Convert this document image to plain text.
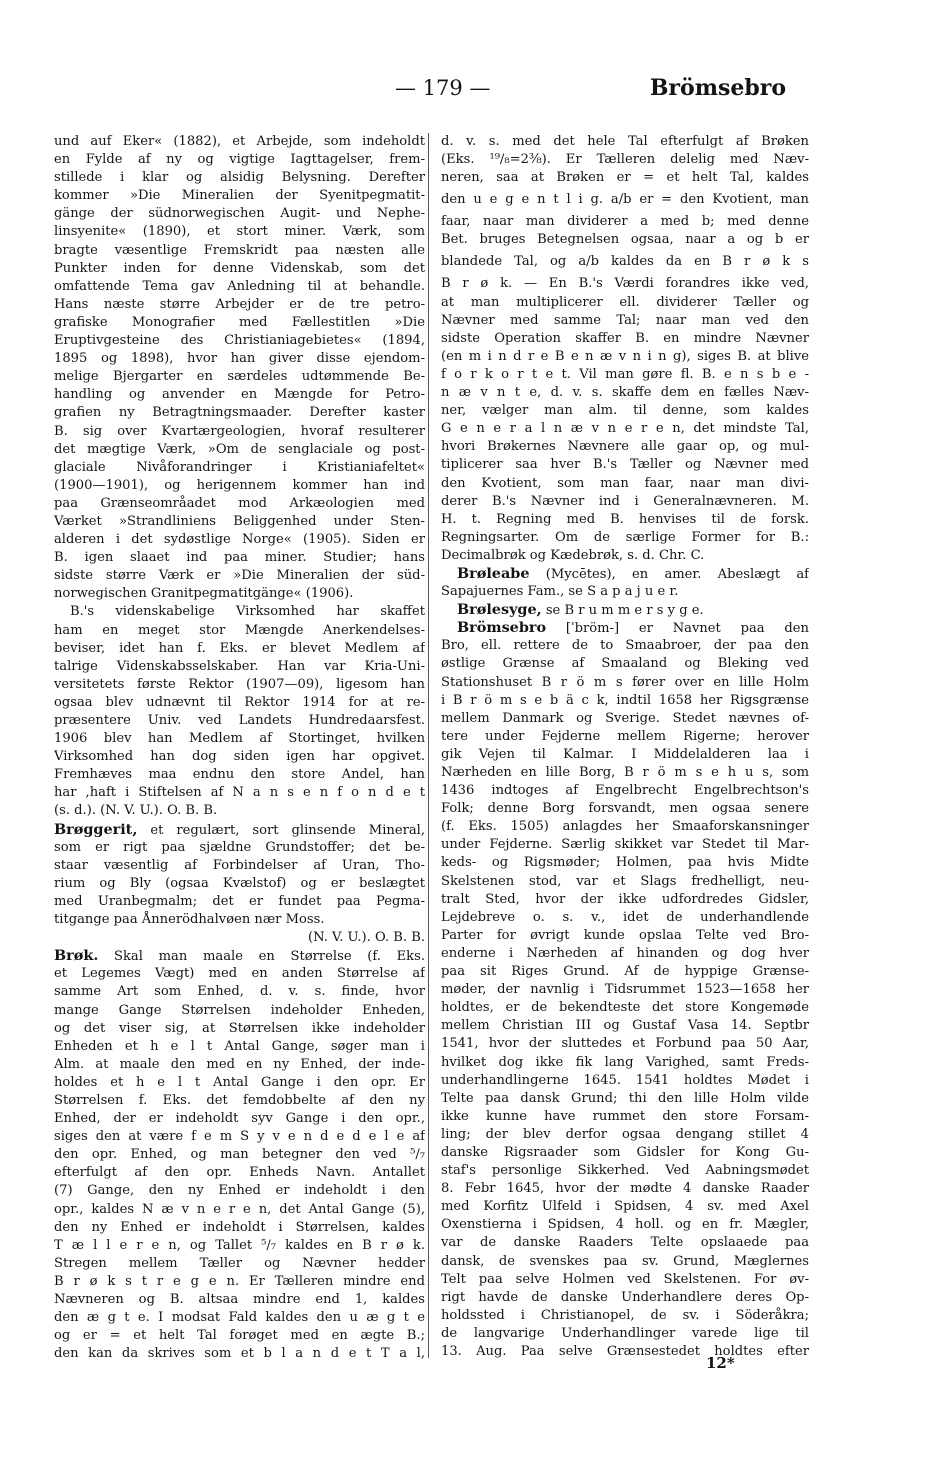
— 179 —	Brömsebro
und auf Eker« (1882), et Arbejde, som indeholdt
en Fylde af ny og vigtige Iagttagelser, frem-
stillede i klar og alsidig Belysning. Derefter
kommer »Die Mineralien der Syenitpegmatit-
gänge der südnorwegischen Augit- und Nephe-
linsyenite« (1890), et stort miner. Værk, som
bragte væsentlige Fremskridt paa næsten alle
Punkter inden for denne Videnskab, som det
omfattende Tema gav Anledning til at behandle.
Hans næste større Arbejder er de tre petro-
grafiske Monografier med Fællestitlen »Die
Eruptivgesteine des Christianiagebietes« (1894,
1895 og 1898), hvor han giver disse ejendom-
melige Bjergarter en særdeles udtømmende Be-
handling og anvender en Mængde for Petro-
grafien ny Betragtningsmaader. Derefter kaster
B. sig over Kvartærgeologien, hvoraf resulterer
det mægtige Værk, »Om de senglaciale og post-
glaciale Nivåforandringer i Kristianiafeltet«
(1900—1901), og herigennem kommer han ind
paa Grænseområadet mod Arkæologien med
Værket »Strandliniens Beliggenhed under Sten-
alderen i det sydøstlige Norge« (1905). Siden er
B. igen slaaet ind paa miner. Studier; hans
sidste større Værk er »Die Mineralien der süd-
norwegischen Granitpegmatitgänge« (1906).
B.'s videnskabelige Virksomhed har skaffet
ham en meget stor Mængde Anerkendelses-
beviser, idet han f. Eks. er blevet Medlem af
talrige Videnskabsselskaber. Han var Kria-Uni-
versitetets første Rektor (1907—09), ligesom han
ogsaa blev udnævnt til Rektor 1914 for at re-
præsentere Univ. ved Landets Hundredaarsfest.
1906 blev han Medlem af Stortinget, hvilken
Virksomhed han dog siden igen har opgivet.
Fremhæves maa endnu den store Andel, han
har ,haft i Stiftelsen af N a n s e n f o n d e t
(s. d.). (N. V. U.). O. B. B.
Brøggerit, et regulært, sort glinsende Mineral,
som er rigt paa sjældne Grundstoffer; det be-
staar væsentlig af Forbindelser af Uran, Tho-
rium og Bly (ogsaa Kvælstof) og er beslægtet
med Uranbegmalm; det er fundet paa Pegma-
titgange paa Ånnerödhalvøen nær Moss.
(N. V. U.). O. B. B.
Brøk. Skal man maale en Størrelse (f. Eks.
et Legemes Vægt) med en anden Størrelse af
samme Art som Enhed, d. v. s. finde, hvor
mange Gange Størrelsen indeholder Enheden,
og det viser sig, at Størrelsen ikke indeholder
Enheden et h e l t Antal Gange, søger man i
Alm. at maale den med en ny Enhed, der inde-
holdes et h e l t Antal Gange i den opr. Er
Størrelsen f. Eks. det femdobbelte af den ny
Enhed, der er indeholdt syv Gange i den opr.,
siges den at være f e m S y v e n d e d e l e af
den opr. Enhed, og man betegner den ved ⁵/₇
efterfulgt af den opr. Enheds Navn. Antallet
(7) Gange, den ny Enhed er indeholdt i den
opr., kaldes N æ v n e r e n, det Antal Gange (5),
den ny Enhed er indeholdt i Størrelsen, kaldes
T æ l l e r e n, og Tallet ⁵/₇ kaldes en B r ø k.
Stregen mellem Tæller og Nævner hedder
B r ø k s t r e g e n. Er Tælleren mindre end
Nævneren og B. altsaa mindre end 1, kaldes
den æ g t e. I modsat Fald kaldes den u æ g t e
og er = et helt Tal forøget med en ægte B.;
den kan da skrives som et b l a n d e t T a l,
d. v. s. med det hele Tal efterfulgt af Brøken
(Eks. ¹⁹/₈=2³⁄₈). Er Tælleren delelig med Næv-
neren, saa at Brøken er = et helt Tal, kaldes
den u e g e n t l i g. a/b er = den Kvotient, man
faar, naar man dividerer a med b; med denne
Bet. bruges Betegnelsen ogsaa, naar a og b er
blandede Tal, og a/b kaldes da en B r ø k s
B r ø k. — En B.'s Værdi forandres ikke ved,
at man multiplicerer ell. dividerer Tæller og
Nævner med samme Tal; naar man ved den
sidste Operation skaffer B. en mindre Nævner
(en m i n d r e B e n æ v n i n g), siges B. at blive
f o r k o r t e t. Vil man gøre fl. B. e n s b e -
n æ v n t e, d. v. s. skaffe dem en fælles Næv-
ner, vælger man alm. til denne, som kaldes
G e n e r a l n æ v n e r e n, det mindste Tal,
hvori Brøkernes Nævnere alle gaar op, og mul-
tiplicerer saa hver B.'s Tæller og Nævner med
den Kvotient, som man faar, naar man divi-
derer B.'s Nævner ind i Generalnævneren. M.
H. t. Regning med B. henvises til de forsk.
Regningsarter. Om de særlige Former for B.:
Decimalbrøk og Kædebrøk, s. d. Chr. C.
Brøleabe (Mycētes), en amer. Abeslægt af
Sapajuernes Fam., se S a p a j u e r.
Brølesyge, se B r u m m e r s y g e.
Brömsebro [ˈbröm-] er Navnet paa den
Bro, ell. rettere de to Smaabroer, der paa den
østlige Grænse af Smaaland og Bleking ved
Stationshuset B r ö m s fører over en lille Holm
i B r ö m s e b ä c k, indtil 1658 her Rigsgrænse
mellem Danmark og Sverige. Stedet nævnes of-
tere under Fejderne mellem Rigerne; herover
gik Vejen til Kalmar. I Middelalderen laa i
Nærheden en lille Borg, B r ö m s e h u s, som
1436 indtoges af Engelbrecht Engelbrechtson's
Folk; denne Borg forsvandt, men ogsaa senere
(f. Eks. 1505) anlagdes her Smaaforskansninger
under Fejderne. Særlig skikket var Stedet til Mar-
keds- og Rigsmøder; Holmen, paa hvis Midte
Skelstenen stod, var et Slags fredhelligt, neu-
tralt Sted, hvor der ikke udfordredes Gidsler,
Lejdebreve o. s. v., idet de underhandlende
Parter for øvrigt kunde opslaa Telte ved Bro-
enderne i Nærheden af hinanden og dog hver
paa sit Riges Grund. Af de hyppige Grænse-
møder, der navnlig i Tidsrummet 1523—1658 her
holdtes, er de bekendteste det store Kongemøde
mellem Christian III og Gustaf Vasa 14. Septbr
1541, hvor der sluttedes et Forbund paa 50 Aar,
hvilket dog ikke fik lang Varighed, samt Freds-
underhandlingerne 1645. 1541 holdtes Mødet i
Telte paa dansk Grund; thi den lille Holm vilde
ikke kunne have rummet den store Forsam-
ling; der blev derfor ogsaa dengang stillet 4
danske Rigsraader som Gidsler for Kong Gu-
staf's personlige Sikkerhed. Ved Aabningsmødet
8. Febr 1645, hvor der mødte 4 danske Raader
med Korfitz Ulfeld i Spidsen, 4 sv. med Axel
Oxenstierna i Spidsen, 4 holl. og en fr. Mægler,
var de danske Raaders Telte opslaaede paa
dansk, de svenskes paa sv. Grund, Mæglernes
Telt paa selve Holmen ved Skelstenen. For øv-
rigt havde de danske Underhandlere deres Op-
holdssted i Christianopel, de sv. i Söderåkra;
de langvarige Underhandlinger varede lige til
13. Aug. Paa selve Grænsestedet holdtes efter
12*
